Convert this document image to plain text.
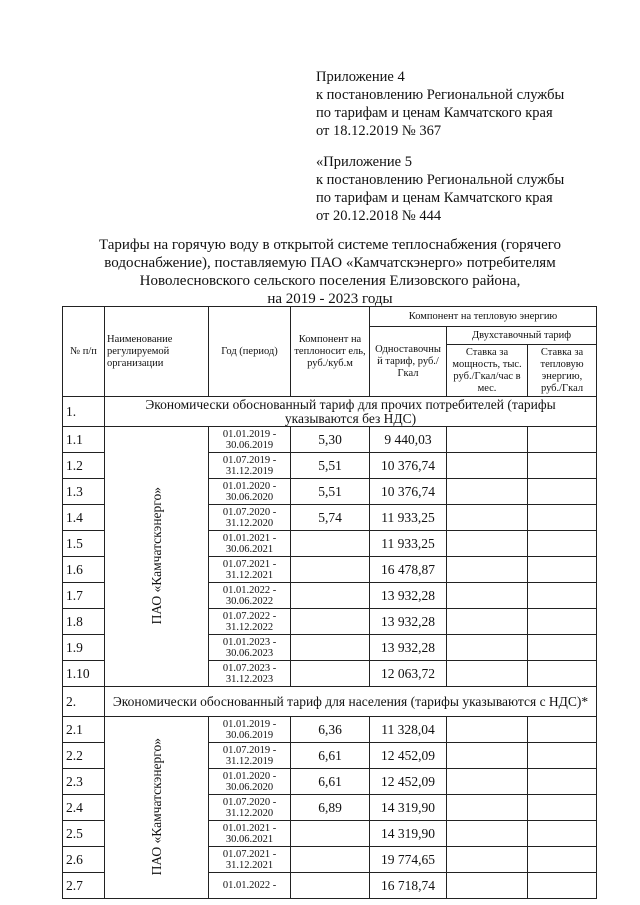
Приложение 4
к постановлению Региональной службы
по тарифам и ценам Камчатского края
от 18.12.2019 № 367
«Приложение 5
к постановлению Региональной службы
по тарифам и ценам Камчатского края
от 20.12.2018 № 444
Тарифы на горячую воду в открытой системе теплоснабжения (горячего
водоснабжение), поставляемую ПАО «Камчатскэнерго» потребителям
Новолесновского сельского поселения Елизовского района,
на 2019 - 2023 годы
№ п/п	Наименование регулируемой организации	Год (период)	Компонент на теплоносит ель, руб./куб.м	Компонент на тепловую энергию		
				Одноставочны й тариф, руб./Гкал	Двухставочный тариф	
					Ставка за мощность, тыс. руб./Гкал/час в мес.	Ставка за тепловую энергию, руб./Гкал
1.	Экономически обоснованный тариф для прочих потребителей (тарифы указываются без НДС)					
1.1	ПАО «Камчатскэнерго»	01.01.2019 - 30.06.2019	5,30	9 440,03		
1.2		01.07.2019 - 31.12.2019	5,51	10 376,74		
1.3		01.01.2020 - 30.06.2020	5,51	10 376,74		
1.4		01.07.2020 - 31.12.2020	5,74	11 933,25		
1.5		01.01.2021 - 30.06.2021		11 933,25		
1.6		01.07.2021 - 31.12.2021		16 478,87		
1.7		01.01.2022 - 30.06.2022		13 932,28		
1.8		01.07.2022 - 31.12.2022		13 932,28		
1.9		01.01.2023 - 30.06.2023		13 932,28		
1.10		01.07.2023 - 31.12.2023		12 063,72		
2.	Экономически обоснованный тариф для населения (тарифы указываются с НДС)*					
2.1	ПАО «Камчатскэнерго»	01.01.2019 - 30.06.2019	6,36	11 328,04		
2.2		01.07.2019 - 31.12.2019	6,61	12 452,09		
2.3		01.01.2020 - 30.06.2020	6,61	12 452,09		
2.4		01.07.2020 - 31.12.2020	6,89	14 319,90		
2.5		01.01.2021 - 30.06.2021		14 319,90		
2.6		01.07.2021 - 31.12.2021		19 774,65		
2.7		01.01.2022 -		16 718,74		
